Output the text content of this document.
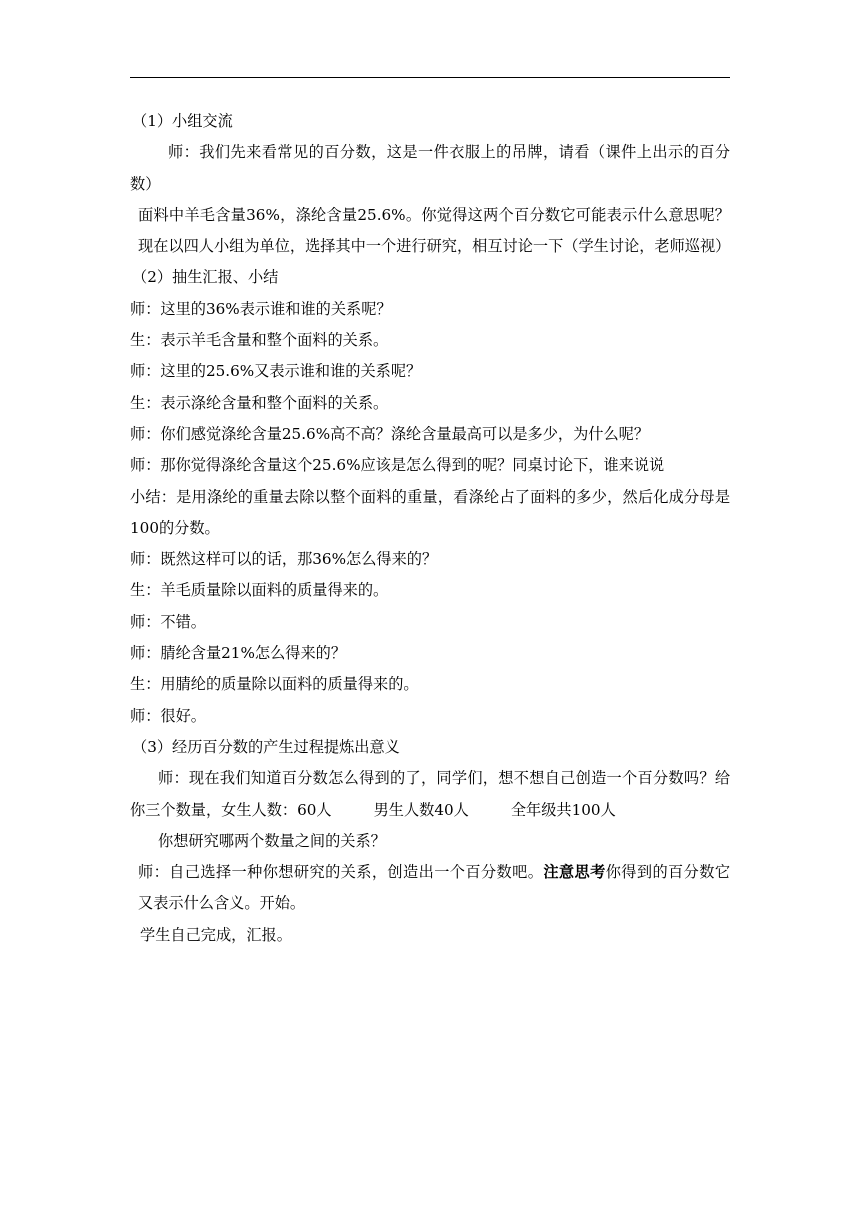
（1）小组交流

师：我们先来看常见的百分数，这是一件衣服上的吊牌，请看（课件上出示的百分数）

面料中羊毛含量36%，涤纶含量25.6%。你觉得这两个百分数它可能表示什么意思呢？现在以四人小组为单位，选择其中一个进行研究，相互讨论一下（学生讨论，老师巡视）

（2）抽生汇报、小结

师：这里的36%表示谁和谁的关系呢？

生：表示羊毛含量和整个面料的关系。

师：这里的25.6%又表示谁和谁的关系呢？

生：表示涤纶含量和整个面料的关系。

师：你们感觉涤纶含量25.6%高不高？涤纶含量最高可以是多少，为什么呢？

师：那你觉得涤纶含量这个25.6%应该是怎么得到的呢？同桌讨论下，谁来说说

小结：是用涤纶的重量去除以整个面料的重量，看涤纶占了面料的多少，然后化成分母是100的分数。

师：既然这样可以的话，那36%怎么得来的？

生：羊毛质量除以面料的质量得来的。

师：不错。

师：腈纶含量21%怎么得来的？

生：用腈纶的质量除以面料的质量得来的。

师：很好。

（3）经历百分数的产生过程提炼出意义

师：现在我们知道百分数怎么得到的了，同学们，想不想自己创造一个百分数吗？给你三个数量，女生人数：60人	男生人数40人	全年级共100人

你想研究哪两个数量之间的关系？

师：自己选择一种你想研究的关系，创造出一个百分数吧。注意思考你得到的百分数它又表示什么含义。开始。

学生自己完成，汇报。
